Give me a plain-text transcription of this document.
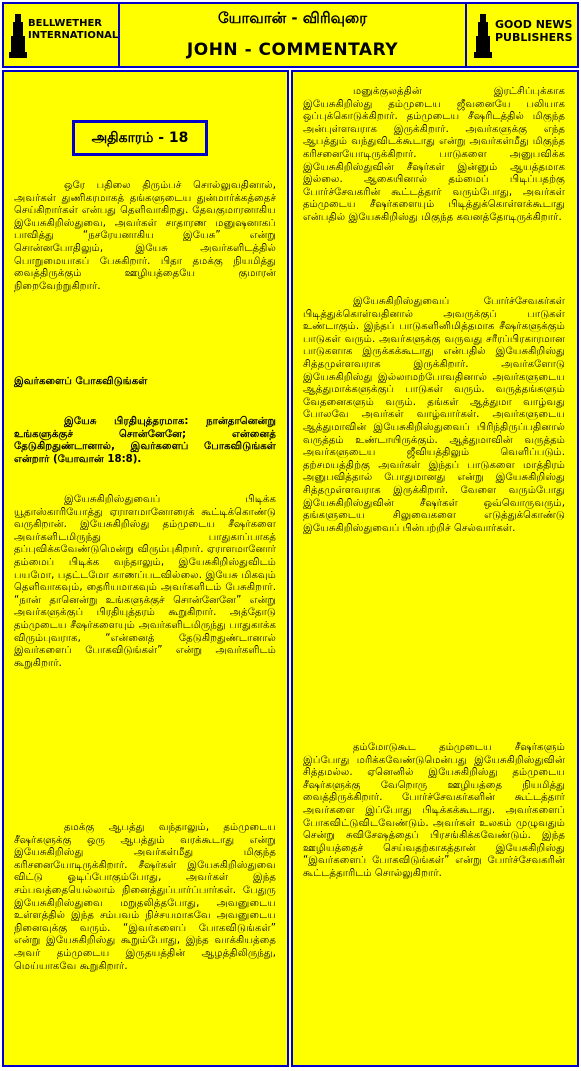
BELLWETHER INTERNATIONAL
யோவான் - விரிவுரை
JOHN - COMMENTARY
GOOD NEWS PUBLISHERS
அதிகாரம் - 18
ஒரே பதிலை திரும்பச் சொல்லுவதினால், அவர்கள் துணிகரமாகத் தங்களுடைய துன்மார்க்கத்தைச் செய்கிறார்கள் என்பது தெளிவாகிறது. தேவகுமாரனாகிய இயேசுகிறிஸ்துவை, அவர்கள் சாதாரண மனுஷனாகப் பாவித்து “நசரேயனாகிய இயேசு” என்று சொன்னபோதிலும், இயேசு அவர்களிடத்தில் பொறுமையாகப் பேசுகிறார். பிதா தமக்கு நியமித்து வைத்திருக்கும் ஊழியத்தையே குமாரன் நிறைவேற்றுகிறார்.
இவர்களைப் போகவிடுங்கள்
இயேசு பிரதியுத்தரமாக: நான்தானென்று உங்களுக்குச் சொன்னேனே; என்னைத் தேடுகிறதுண்டானால், இவர்களைப் போகவிடுங்கள் என்றார் (யோவான் 18:8).
இயேசுகிறிஸ்துவைப் பிடிக்க யூதாஸ்காரியோத்து ஏராளமானோரைக் கூட்டிக்கொண்டு வருகிறான். இயேசுகிறிஸ்து தம்முடைய சீஷர்களை அவர்களிடமிருந்து பாதுகாப்பாகத் தப்புவிக்கவேண்டுமென்று விரும்புகிறார். ஏராளமானோர் தம்மைப் பிடிக்க வந்தாலும், இயேசுகிறிஸ்துவிடம் பயமோ, பதட்டமோ காணப்படவில்லை. இயேசு மிகவும் தெளிவாகவும், தைரியமாகவும் அவர்களிடம் பேசுகிறார். “நான் தானென்று உங்களுக்குச் சொன்னேனே” என்று அவர்களுக்குப் பிரதியுத்தரம் கூறுகிறார். அத்தோடு தம்முடைய சீஷர்களையும் அவர்களிடமிருந்து பாதுகாக்க விரும்புவராக, “என்னைத் தேடுகிறதுண்டானால் இவர்களைப் போகவிடுங்கள்” என்று அவர்களிடம் கூறுகிறார்.
தமக்கு ஆபத்து வந்தாலும், தம்முடைய சீஷர்களுக்கு ஒரு ஆபத்தும் வரக்கூடாது என்று இயேசுகிறிஸ்து அவர்கள்மீது மிகுந்த கரிசனையோடிருக்கிறார். சீஷர்கள் இயேசுகிறிஸ்துவை விட்டு ஓடிப்போகும்போது, அவர்கள் இந்த சம்பவத்தையெல்லாம் நினைத்துப்பார்ப்பார்கள். பேதுரு இயேசுகிறிஸ்துவை மறுதலித்தபோது, அவனுடைய உள்ளத்தில் இந்த சம்பவம் நிச்சயமாகவே அவனுடைய நினைவுக்கு வரும். “இவர்களைப் போகவிடுங்கள்” என்று இயேசுகிறிஸ்து கூறும்போது, இந்த வாக்கியத்தை அவர் தம்முடைய இருதயத்தின் ஆழத்திலிருந்து, மெய்யாகவே கூறுகிறார்.
மனுக்குலத்தின் இரட்சிப்புக்காக இயேசுகிறிஸ்து தம்முடைய ஜீவனையே பலியாக ஒப்புக்கொடுக்கிறார். தம்முடைய சீஷரிடத்தில் மிகுந்த அன்புள்ளவராக இருக்கிறார். அவர்களுக்கு எந்த ஆபத்தும் வந்துவிடக்கூடாது என்று அவர்கள்மீது மிகுந்த கரிசனையோடிருக்கிறார். பாடுகளை அனுபவிக்க இயேசுகிறிஸ்துவின் சீஷர்கள் இன்னும் ஆயத்தமாக இல்லை. ஆகையினால் தம்மைப் பிடிப்பதற்கு போர்ச்சேவகரின் கூட்டத்தார் வரும்போது, அவர்கள் தம்முடைய சீஷர்களையும் பிடித்துக்கொள்ளக்கூடாது என்பதில் இயேசுகிறிஸ்து மிகுந்த கவனத்தோடிருக்கிறார்.
இயேசுகிறிஸ்துவைப் போர்ச்சேவகர்கள் பிடித்துக்கொள்வதினால் அவருக்குப் பாடுகள் உண்டாகும். இந்தப் பாடுகளினிமித்தமாக சீஷர்களுக்கும் பாடுகள் வரும். அவர்களுக்கு வருவது சரீரப்பிரகாரமான பாடுகளாக இருக்கக்கூடாது என்பதில் இயேசுகிறிஸ்து சித்தமுள்ளவராக இருக்கிறார். அவர்களோடு இயேசுகிறிஸ்து இல்லாமற்போவதினால் அவர்களுடைய ஆத்துமாக்களுக்குப் பாடுகள் வரும். வருத்தங்களும் வேதனைகளும் வரும். தங்கள் ஆத்துமா வாழ்வது போலவே அவர்கள் வாழ்வார்கள். அவர்களுடைய ஆத்துமாவின் இயேசுகிறிஸ்துவைப் பிரிந்திருப்பதினால் வருத்தம் உண்டாயிருக்கும். ஆத்துமாவின் வருத்தம் அவர்களுடைய ஜீவியத்திலும் வெளிப்படும். தற்சமயத்திற்கு அவர்கள் இந்தப் பாடுகளை மாத்திரம் அனுபவித்தால் போதுமானது என்று இயேசுகிறிஸ்து சித்தமுள்ளவராக இருக்கிறார். வேளை வரும்போது இயேசுகிறிஸ்துவின் சீஷர்கள் ஒவ்வொருவரும், தங்களுடைய சிலுவைகளை எடுத்துக்கொண்டு இயேசுகிறிஸ்துவைப் பின்பற்றிச் செல்வார்கள்.
தம்மோடுகூட தம்முடைய சீஷர்களும் இப்போது மரிக்கவேண்டுமென்பது இயேசுகிறிஸ்துவின் சித்தமல்ல. ஏனெனில் இயேசுகிறிஸ்து தம்முடைய சீஷர்களுக்கு வேறொரு ஊழியத்தை நியமித்து வைத்திருக்கிறார். போர்ச்சேவகர்களின் கூட்டத்தார் அவர்களை இப்போது பிடிக்கக்கூடாது. அவர்களைப் போகவிட்டுவிடவேண்டும். அவர்கள் உலகம் முழுவதும் சென்று சுவிசேஷத்தைப் பிரசங்கிக்கவேண்டும். இந்த ஊழியத்தைச் செய்வதற்காகத்தான் இயேசுகிறிஸ்து “இவர்களைப் போகவிடுங்கள்” என்று போர்ச்சேவகரின் கூட்டத்தாரிடம் சொல்லுகிறார்.
